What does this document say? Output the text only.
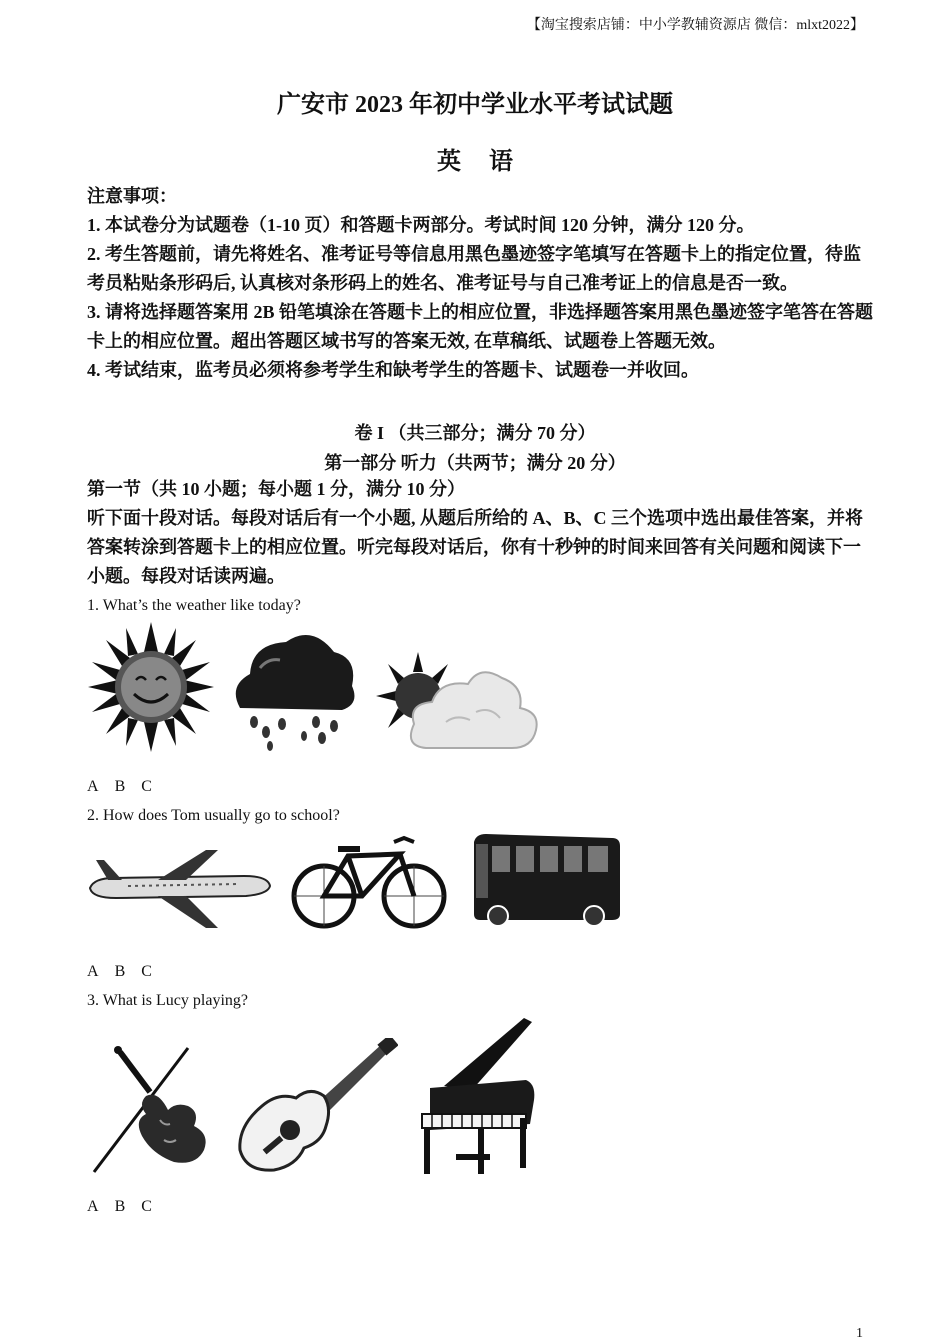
【淘宝搜索店铺：中小学教辅资源店 微信：mlxt2022】
广安市 2023 年初中学业水平考试试题
英语
注意事项：
1. 本试卷分为试题卷（1-10 页）和答题卡两部分。考试时间 120 分钟，满分 120 分。
2. 考生答题前，请先将姓名、准考证号等信息用黑色墨迹签字笔填写在答题卡上的指定位置，待监考员粘贴条形码后, 认真核对条形码上的姓名、准考证号与自己准考证上的信息是否一致。
3. 请将选择题答案用 2B 铅笔填涂在答题卡上的相应位置，非选择题答案用黑色墨迹签字笔答在答题卡上的相应位置。超出答题区域书写的答案无效, 在草稿纸、试题卷上答题无效。
4. 考试结束，监考员必须将参考学生和缺考学生的答题卡、试题卷一并收回。
卷 I （共三部分；满分 70 分）
第一部分 听力（共两节；满分 20 分）
第一节（共 10 小题；每小题 1 分，满分 10 分）
听下面十段对话。每段对话后有一个小题, 从题后所给的 A、B、C 三个选项中选出最佳答案，并将答案转涂到答题卡上的相应位置。听完每段对话后，你有十秒钟的时间来回答有关问题和阅读下一小题。每段对话读两遍。
1. What’s the weather like today?
A B C
2. How does Tom usually go to school?
A B C
3. What is Lucy playing?
A B C
1
